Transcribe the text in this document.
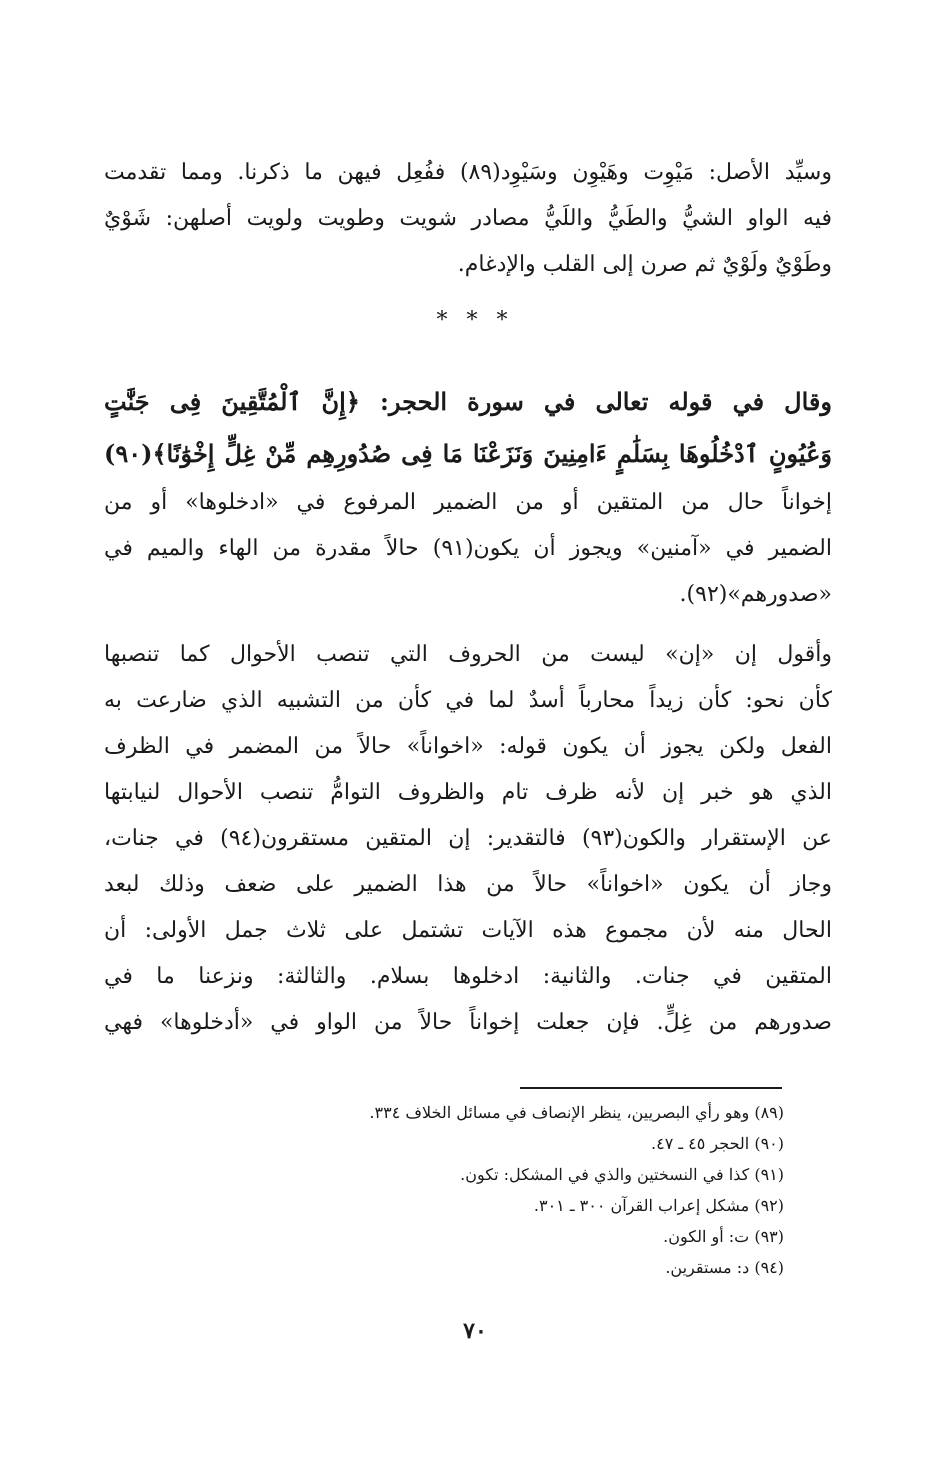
وسيِّد الأصل: مَيْوِت وهَيْوِن وسَيْوِد(٨٩) ففُعِل فيهن ما ذكرنا. ومما تقدمت
فيه الواو الشيُّ والطَيُّ واللَيُّ مصادر شويت وطويت ولويت أصلهن: شَوْيٌ
وطَوْيٌ ولَوْيٌ ثم صرن إلى القلب والإدغام.
* * *
وقال في قوله تعالى في سورة الحجر: ﴿إِنَّ ٱلْمُتَّقِينَ فِى جَنَّٰتٍ
وَعُيُونٍ ٱدْخُلُوهَا بِسَلَٰمٍ ءَامِنِينَ وَنَزَعْنَا مَا فِى صُدُورِهِم مِّنْ غِلٍّ إِخْوَٰنًا﴾(٩٠)
إخواناً حال من المتقين أو من الضمير المرفوع في «ادخلوها» أو من
الضمير في «آمنين» ويجوز أن يكون(٩١) حالاً مقدرة من الهاء والميم في
«صدورهم»(٩٢).
وأقول إن «إن» ليست من الحروف التي تنصب الأحوال كما تنصبها
كأن نحو: كأن زيداً محارباً أسدٌ لما في كأن من التشبيه الذي ضارعت به
الفعل ولكن يجوز أن يكون قوله: «اخواناً» حالاً من المضمر في الظرف
الذي هو خبر إن لأنه ظرف تام والظروف التوامُّ تنصب الأحوال لنيابتها
عن الإستقرار والكون(٩٣) فالتقدير: إن المتقين مستقرون(٩٤) في جنات،
وجاز أن يكون «اخواناً» حالاً من هذا الضمير على ضعف وذلك لبعد
الحال منه لأن مجموع هذه الآيات تشتمل على ثلاث جمل الأولى: أن
المتقين في جنات. والثانية: ادخلوها بسلام. والثالثة: ونزعنا ما في
صدورهم من غِلٍّ. فإن جعلت إخواناً حالاً من الواو في «أدخلوها» فهي
(٨٩) وهو رأي البصريين، ينظر الإنصاف في مسائل الخلاف ٣٣٤.
(٩٠) الحجر ٤٥ ـ ٤٧.
(٩١) كذا في النسختين والذي في المشكل: تكون.
(٩٢) مشكل إعراب القرآن ٣٠٠ ـ ٣٠١.
(٩٣) ت: أو الكون.
(٩٤) د: مستقرين.
٧٠
